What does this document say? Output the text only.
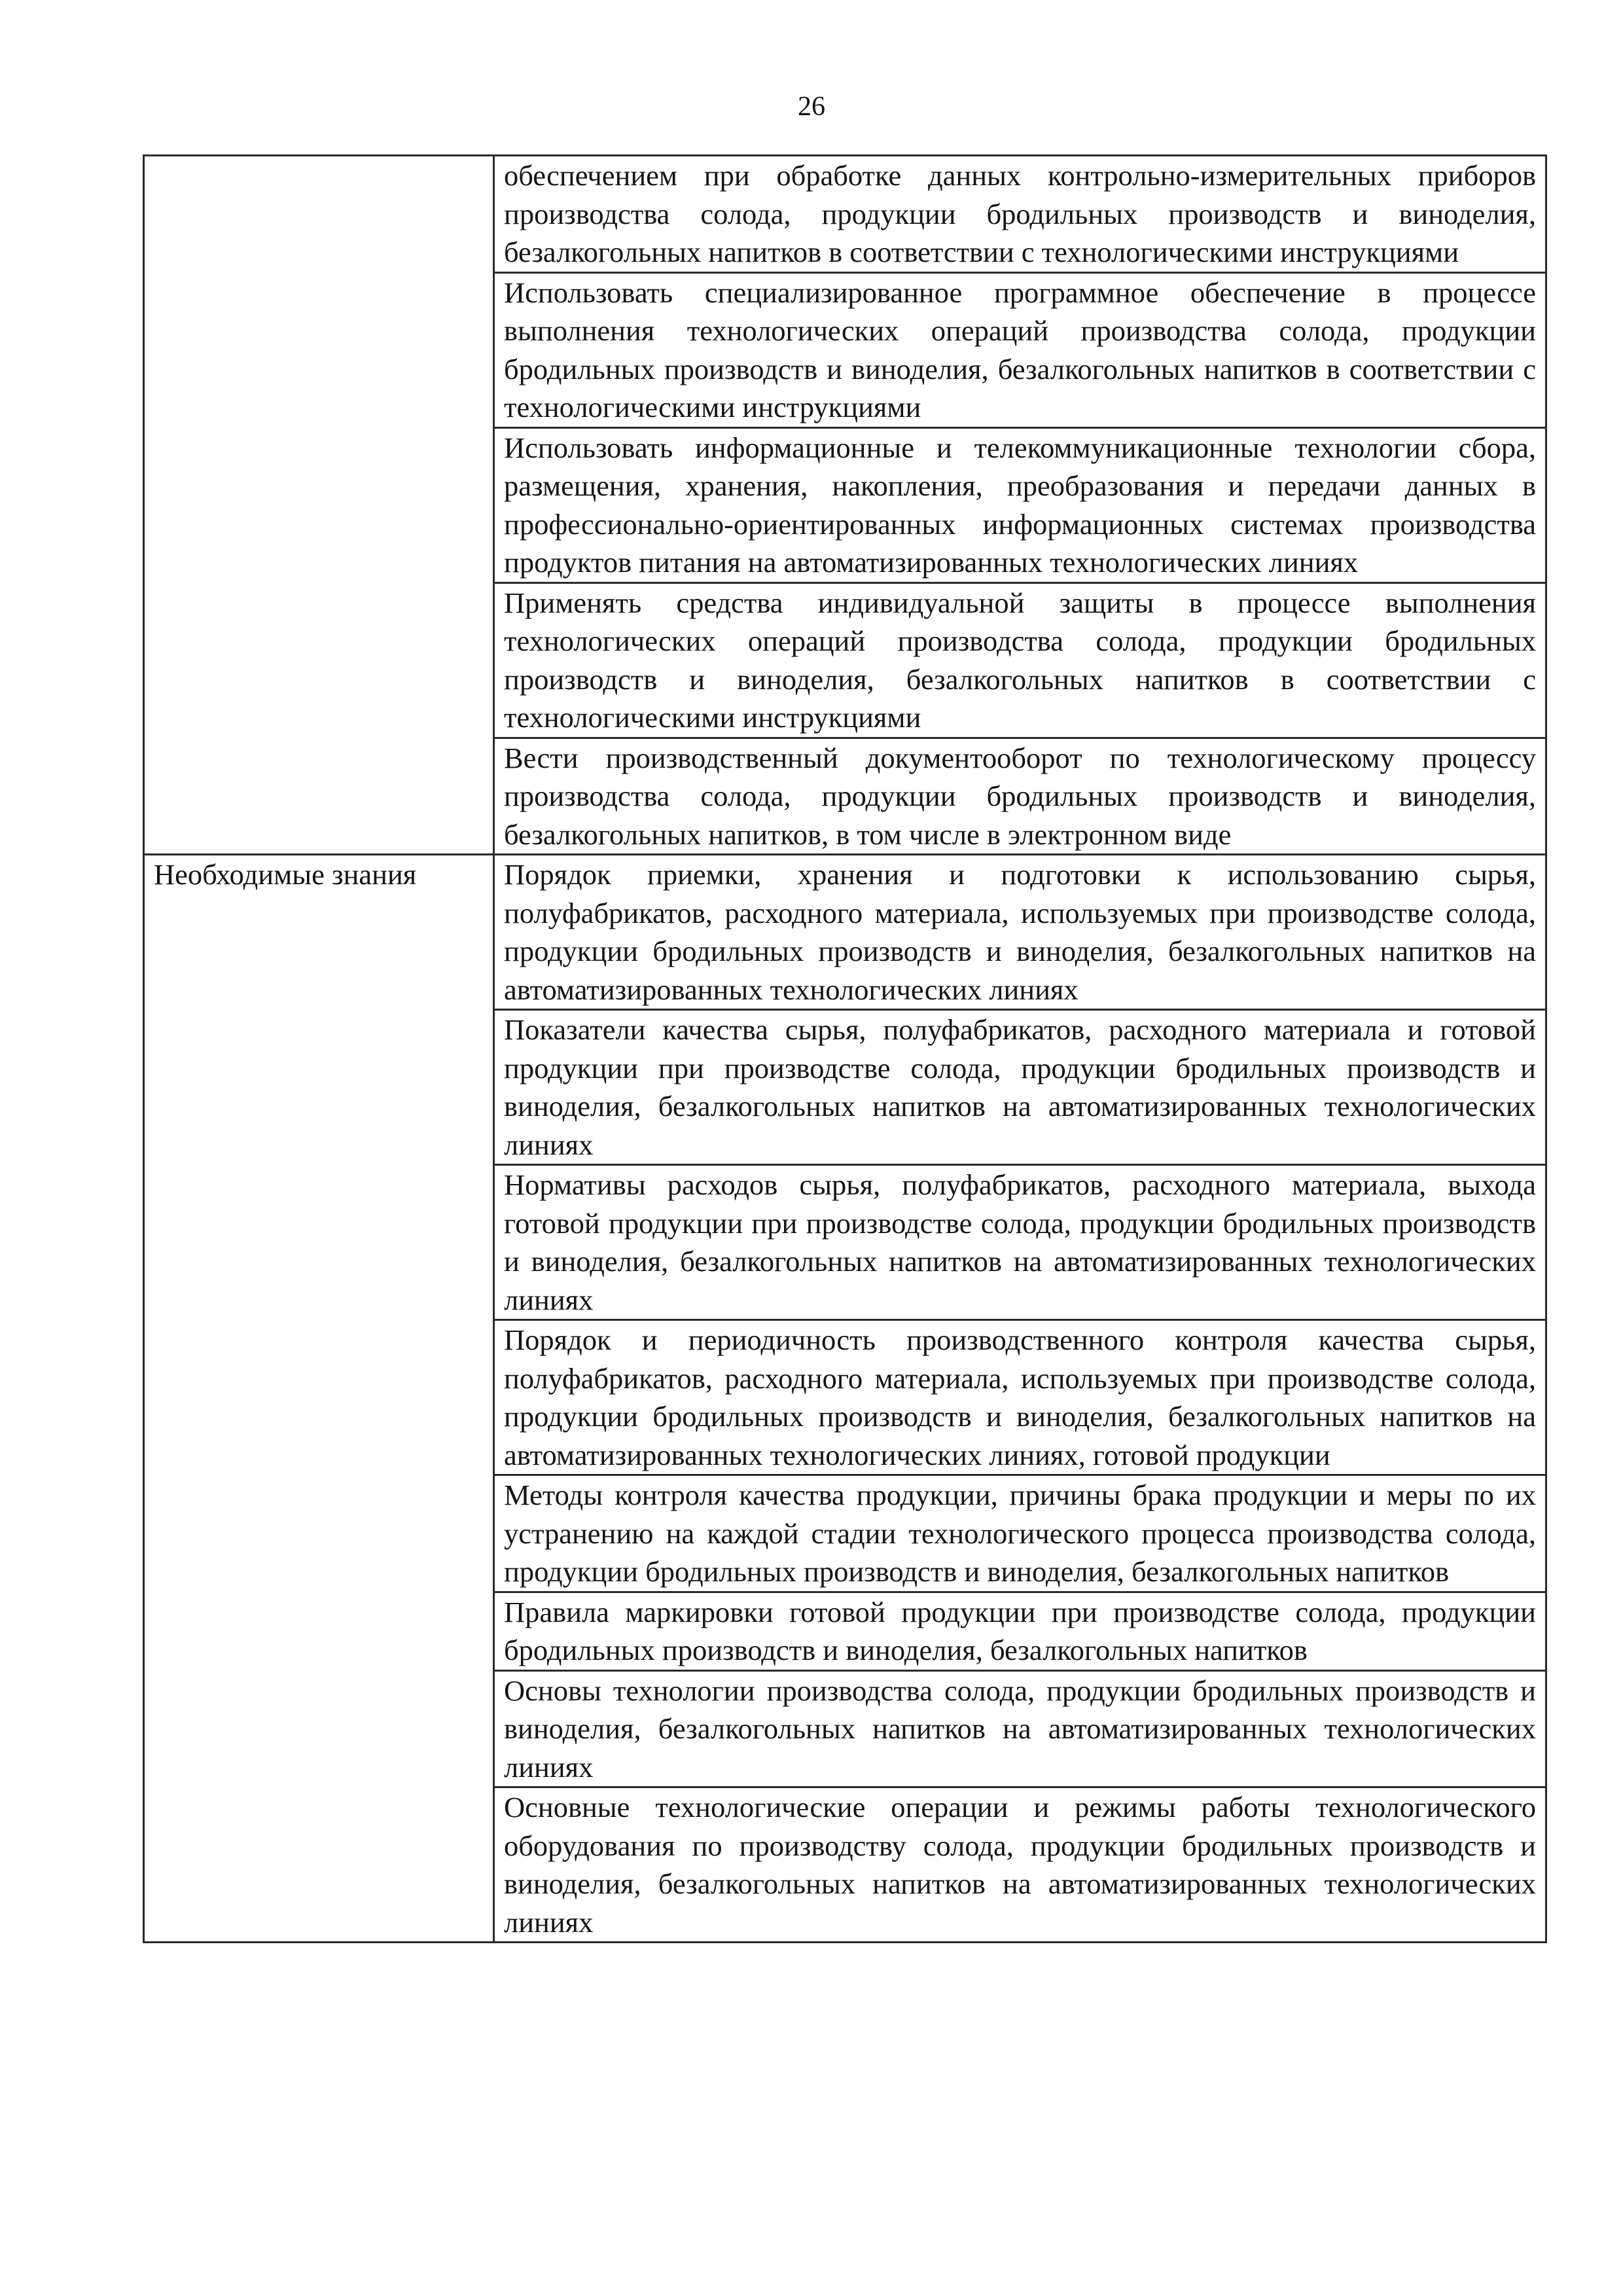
26
	обеспечением при обработке данных контрольно-измерительных приборов производства солода, продукции бродильных производств и виноделия, безалкогольных напитков в соответствии с технологическими инструкциями
	Использовать специализированное программное обеспечение в процессе выполнения технологических операций производства солода, продукции бродильных производств и виноделия, безалкогольных напитков в соответствии с технологическими инструкциями
	Использовать информационные и телекоммуникационные технологии сбора, размещения, хранения, накопления, преобразования и передачи данных в профессионально-ориентированных информационных системах производства продуктов питания на автоматизированных технологических линиях
	Применять средства индивидуальной защиты в процессе выполнения технологических операций производства солода, продукции бродильных производств и виноделия, безалкогольных напитков в соответствии с технологическими инструкциями
	Вести производственный документооборот по технологическому процессу производства солода, продукции бродильных производств и виноделия, безалкогольных напитков, в том числе в электронном виде
Необходимые знания	Порядок приемки, хранения и подготовки к использованию сырья, полуфабрикатов, расходного материала, используемых при производстве солода, продукции бродильных производств и виноделия, безалкогольных напитков на автоматизированных технологических линиях
	Показатели качества сырья, полуфабрикатов, расходного материала и готовой продукции при производстве солода, продукции бродильных производств и виноделия, безалкогольных напитков на автоматизированных технологических линиях
	Нормативы расходов сырья, полуфабрикатов, расходного материала, выхода готовой продукции при производстве солода, продукции бродильных производств и виноделия, безалкогольных напитков на автоматизированных технологических линиях
	Порядок и периодичность производственного контроля качества сырья, полуфабрикатов, расходного материала, используемых при производстве солода, продукции бродильных производств и виноделия, безалкогольных напитков на автоматизированных технологических линиях, готовой продукции
	Методы контроля качества продукции, причины брака продукции и меры по их устранению на каждой стадии технологического процесса производства солода, продукции бродильных производств и виноделия, безалкогольных напитков
	Правила маркировки готовой продукции при производстве солода, продукции бродильных производств и виноделия, безалкогольных напитков
	Основы технологии производства солода, продукции бродильных производств и виноделия, безалкогольных напитков на автоматизированных технологических линиях
	Основные технологические операции и режимы работы технологического оборудования по производству солода, продукции бродильных производств и виноделия, безалкогольных напитков на автоматизированных технологических линиях
